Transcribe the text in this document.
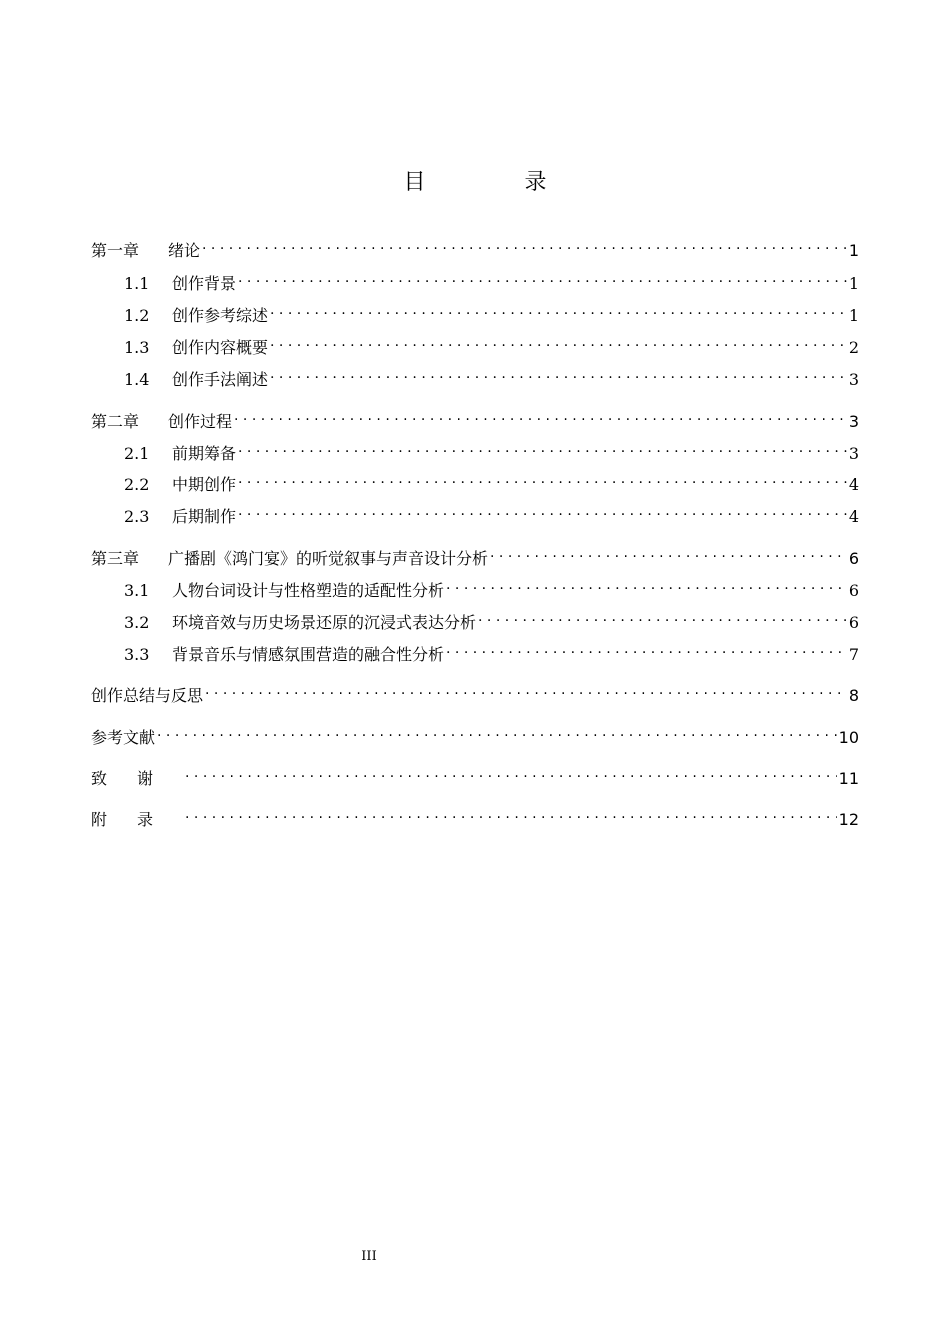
目 录
第一章	绪论 . . .	1
1.1	创作背景 . . .	1
1.2	创作参考综述 . . .	1
1.3	创作内容概要 . . .	2
1.4	创作手法阐述 . . .	3
第二章	创作过程 . . .	3
2.1	前期筹备 . . .	3
2.2	中期创作 . . .	4
2.3	后期制作 . . .	4
第三章	广播剧《鸿门宴》的听觉叙事与声音设计分析 . . .	6
3.1	人物台词设计与性格塑造的适配性分析 . . .	6
3.2	环境音效与历史场景还原的沉浸式表达分析 . . .	6
3.3	背景音乐与情感氛围营造的融合性分析 . . .	7
创作总结与反思 . . .	8
参考文献 . . .	10
致谢 . . .	11
附录 . . .	12
III
